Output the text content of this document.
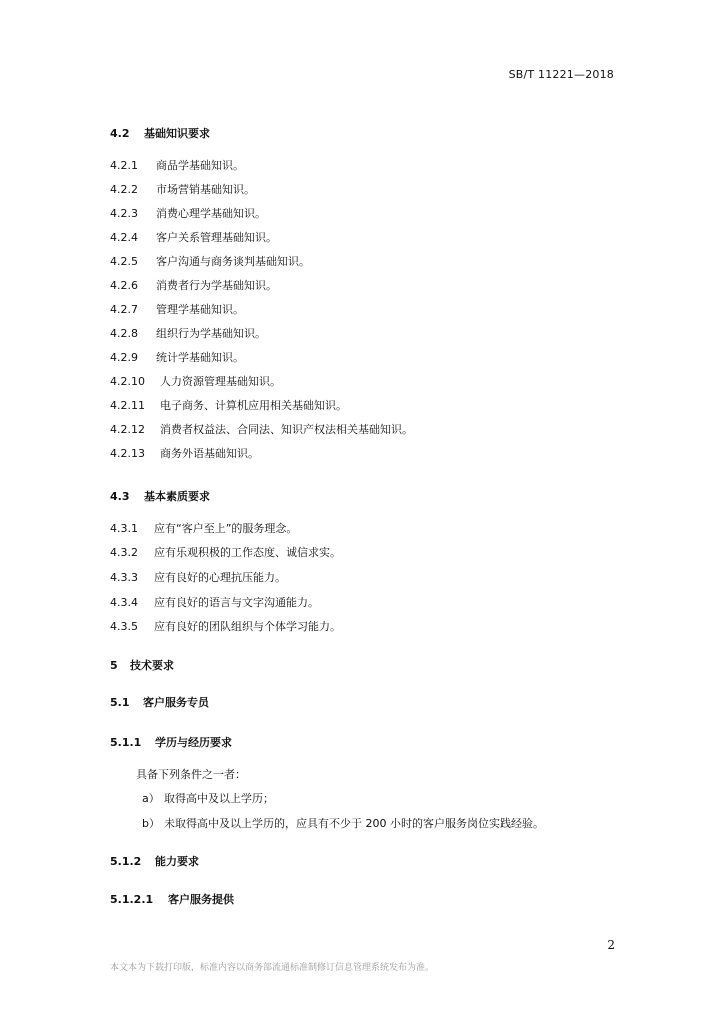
SB/T 11221—2018
4.2 基础知识要求
4.2.1 商品学基础知识。
4.2.2 市场营销基础知识。
4.2.3 消费心理学基础知识。
4.2.4 客户关系管理基础知识。
4.2.5 客户沟通与商务谈判基础知识。
4.2.6 消费者行为学基础知识。
4.2.7 管理学基础知识。
4.2.8 组织行为学基础知识。
4.2.9 统计学基础知识。
4.2.10 人力资源管理基础知识。
4.2.11 电子商务、计算机应用相关基础知识。
4.2.12 消费者权益法、合同法、知识产权法相关基础知识。
4.2.13 商务外语基础知识。
4.3 基本素质要求
4.3.1 应有“客户至上”的服务理念。
4.3.2 应有乐观积极的工作态度、诚信求实。
4.3.3 应有良好的心理抗压能力。
4.3.4 应有良好的语言与文字沟通能力。
4.3.5 应有良好的团队组织与个体学习能力。
5 技术要求
5.1 客户服务专员
5.1.1 学历与经历要求
具备下列条件之一者：
a） 取得高中及以上学历；
b） 未取得高中及以上学历的，应具有不少于 200 小时的客户服务岗位实践经验。
5.1.2 能力要求
5.1.2.1 客户服务提供
2
本文本为下载打印版，标准内容以商务部流通标准制修订信息管理系统发布为准。
